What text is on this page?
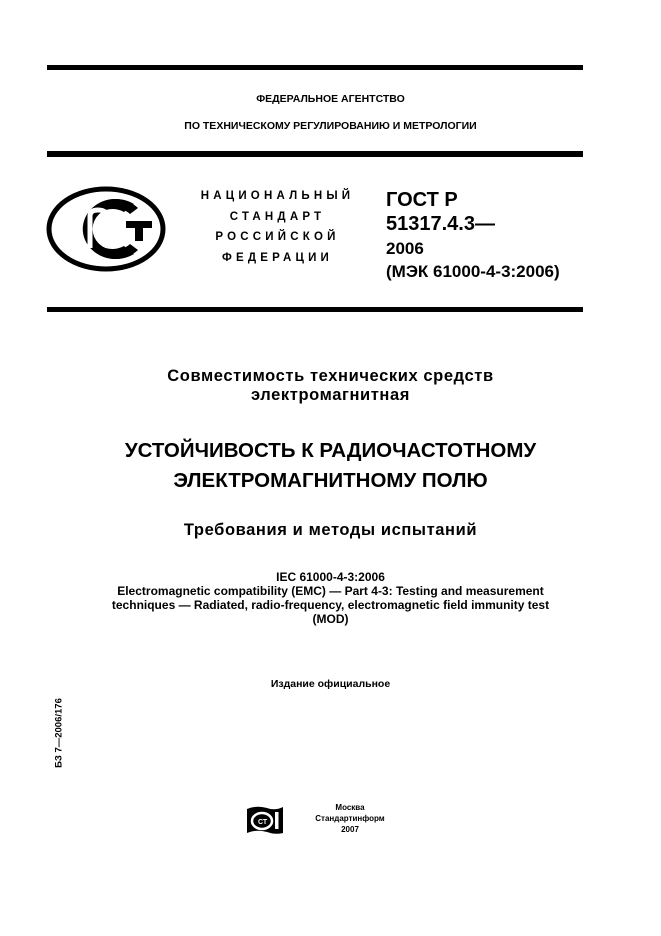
ФЕДЕРАЛЬНОЕ АГЕНТСТВО
ПО ТЕХНИЧЕСКОМУ РЕГУЛИРОВАНИЮ И МЕТРОЛОГИИ
НАЦИОНАЛЬНЫЙ
СТАНДАРТ
РОССИЙСКОЙ
ФЕДЕРАЦИИ
ГОСТ Р
51317.4.3—
2006
(МЭК 61000-4-3:2006)
Совместимость технических средств
электромагнитная
УСТОЙЧИВОСТЬ К РАДИОЧАСТОТНОМУ
ЭЛЕКТРОМАГНИТНОМУ ПОЛЮ
Требования и методы испытаний
IEC 61000-4-3:2006
Electromagnetic compatibility (EMC) — Part 4-3: Testing and measurement
techniques — Radiated, radio-frequency, electromagnetic field immunity test
(MOD)
Издание официальное
БЗ 7—2006/176
СТ
Москва
Стандартинформ
2007
